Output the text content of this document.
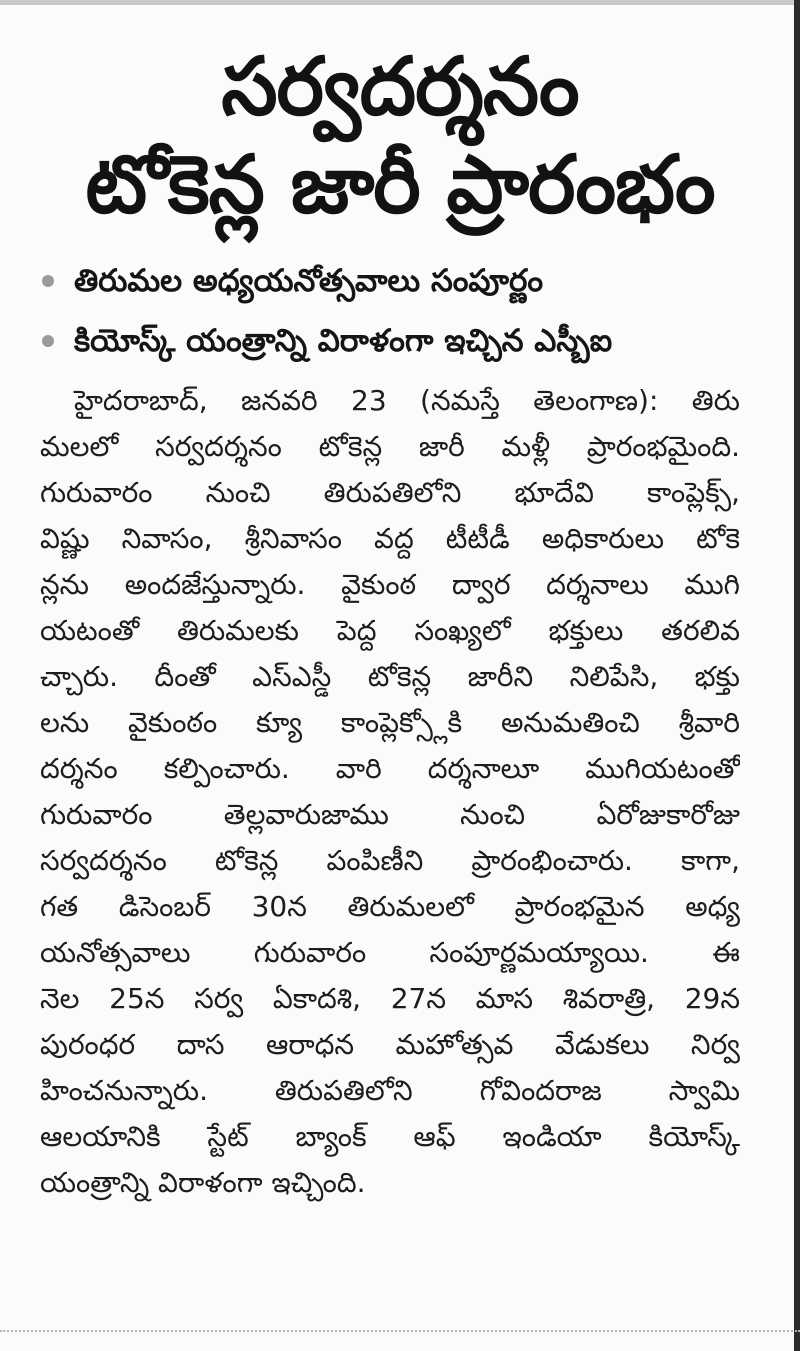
సర్వదర్శనం
టోకెన్ల జారీ ప్రారంభం
తిరుమల అధ్యయనోత్సవాలు సంపూర్ణం
కియోస్క్ యంత్రాన్ని విరాళంగా ఇచ్చిన ఎస్బీఐ
హైదరాబాద్, జనవరి 23 (నమస్తే తెలంగాణ): తిరు
మలలో సర్వదర్శనం టోకెన్ల జారీ మళ్లీ ప్రారంభమైంది.
గురువారం నుంచి తిరుపతిలోని భూదేవి కాంప్లెక్స్,
విష్ణు నివాసం, శ్రీనివాసం వద్ద టీటీడీ అధికారులు టోకె
న్లను అందజేస్తున్నారు. వైకుంఠ ద్వార దర్శనాలు ముగి
యటంతో తిరుమలకు పెద్ద సంఖ్యలో భక్తులు తరలివ
చ్చారు. దీంతో ఎస్ఎస్డీ టోకెన్ల జారీని నిలిపేసి, భక్తు
లను వైకుంఠం క్యూ కాంప్లెక్స్లోకి అనుమతించి శ్రీవారి
దర్శనం కల్పించారు. వారి దర్శనాలూ ముగియటంతో
గురువారం తెల్లవారుజాము నుంచి ఏరోజుకారోజు
సర్వదర్శనం టోకెన్ల పంపిణీని ప్రారంభించారు. కాగా,
గత డిసెంబర్ 30న తిరుమలలో ప్రారంభమైన అధ్య
యనోత్సవాలు గురువారం సంపూర్ణమయ్యాయి. ఈ
నెల 25న సర్వ ఏకాదశి, 27న మాస శివరాత్రి, 29న
పురంధర దాస ఆరాధన మహోత్సవ వేడుకలు నిర్వ
హించనున్నారు. తిరుపతిలోని గోవిందరాజ స్వామి
ఆలయానికి స్టేట్ బ్యాంక్ ఆఫ్ ఇండియా కియోస్క్
యంత్రాన్ని విరాళంగా ఇచ్చింది.
